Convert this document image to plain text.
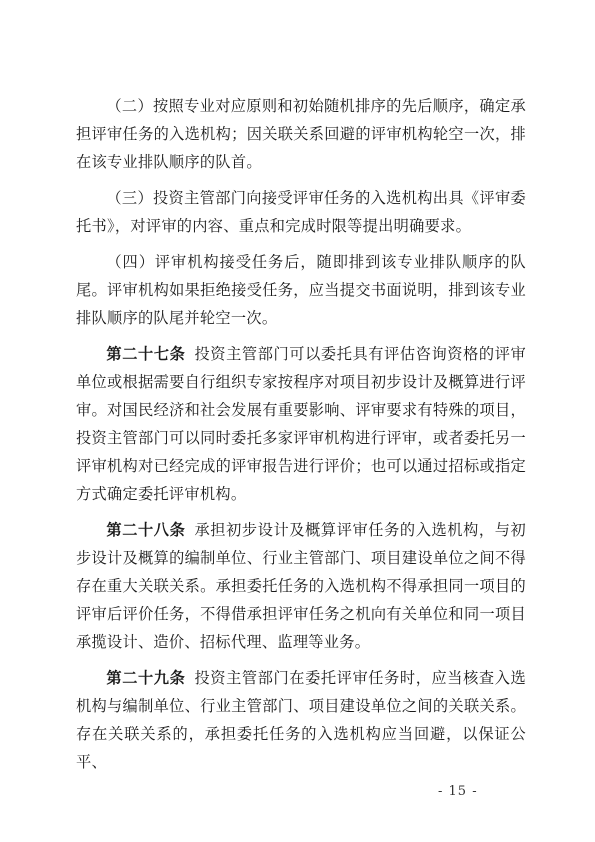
（二）按照专业对应原则和初始随机排序的先后顺序，确定承担评审任务的入选机构；因关联关系回避的评审机构轮空一次，排在该专业排队顺序的队首。

（三）投资主管部门向接受评审任务的入选机构出具《评审委托书》，对评审的内容、重点和完成时限等提出明确要求。

（四）评审机构接受任务后，随即排到该专业排队顺序的队尾。评审机构如果拒绝接受任务，应当提交书面说明，排到该专业排队顺序的队尾并轮空一次。

第二十七条 投资主管部门可以委托具有评估咨询资格的评审单位或根据需要自行组织专家按程序对项目初步设计及概算进行评审。对国民经济和社会发展有重要影响、评审要求有特殊的项目，投资主管部门可以同时委托多家评审机构进行评审，或者委托另一评审机构对已经完成的评审报告进行评价；也可以通过招标或指定方式确定委托评审机构。

第二十八条 承担初步设计及概算评审任务的入选机构，与初步设计及概算的编制单位、行业主管部门、项目建设单位之间不得存在重大关联关系。承担委托任务的入选机构不得承担同一项目的评审后评价任务，不得借承担评审任务之机向有关单位和同一项目承揽设计、造价、招标代理、监理等业务。

第二十九条 投资主管部门在委托评审任务时，应当核查入选机构与编制单位、行业主管部门、项目建设单位之间的关联关系。存在关联关系的，承担委托任务的入选机构应当回避，以保证公平、

- 15 -
